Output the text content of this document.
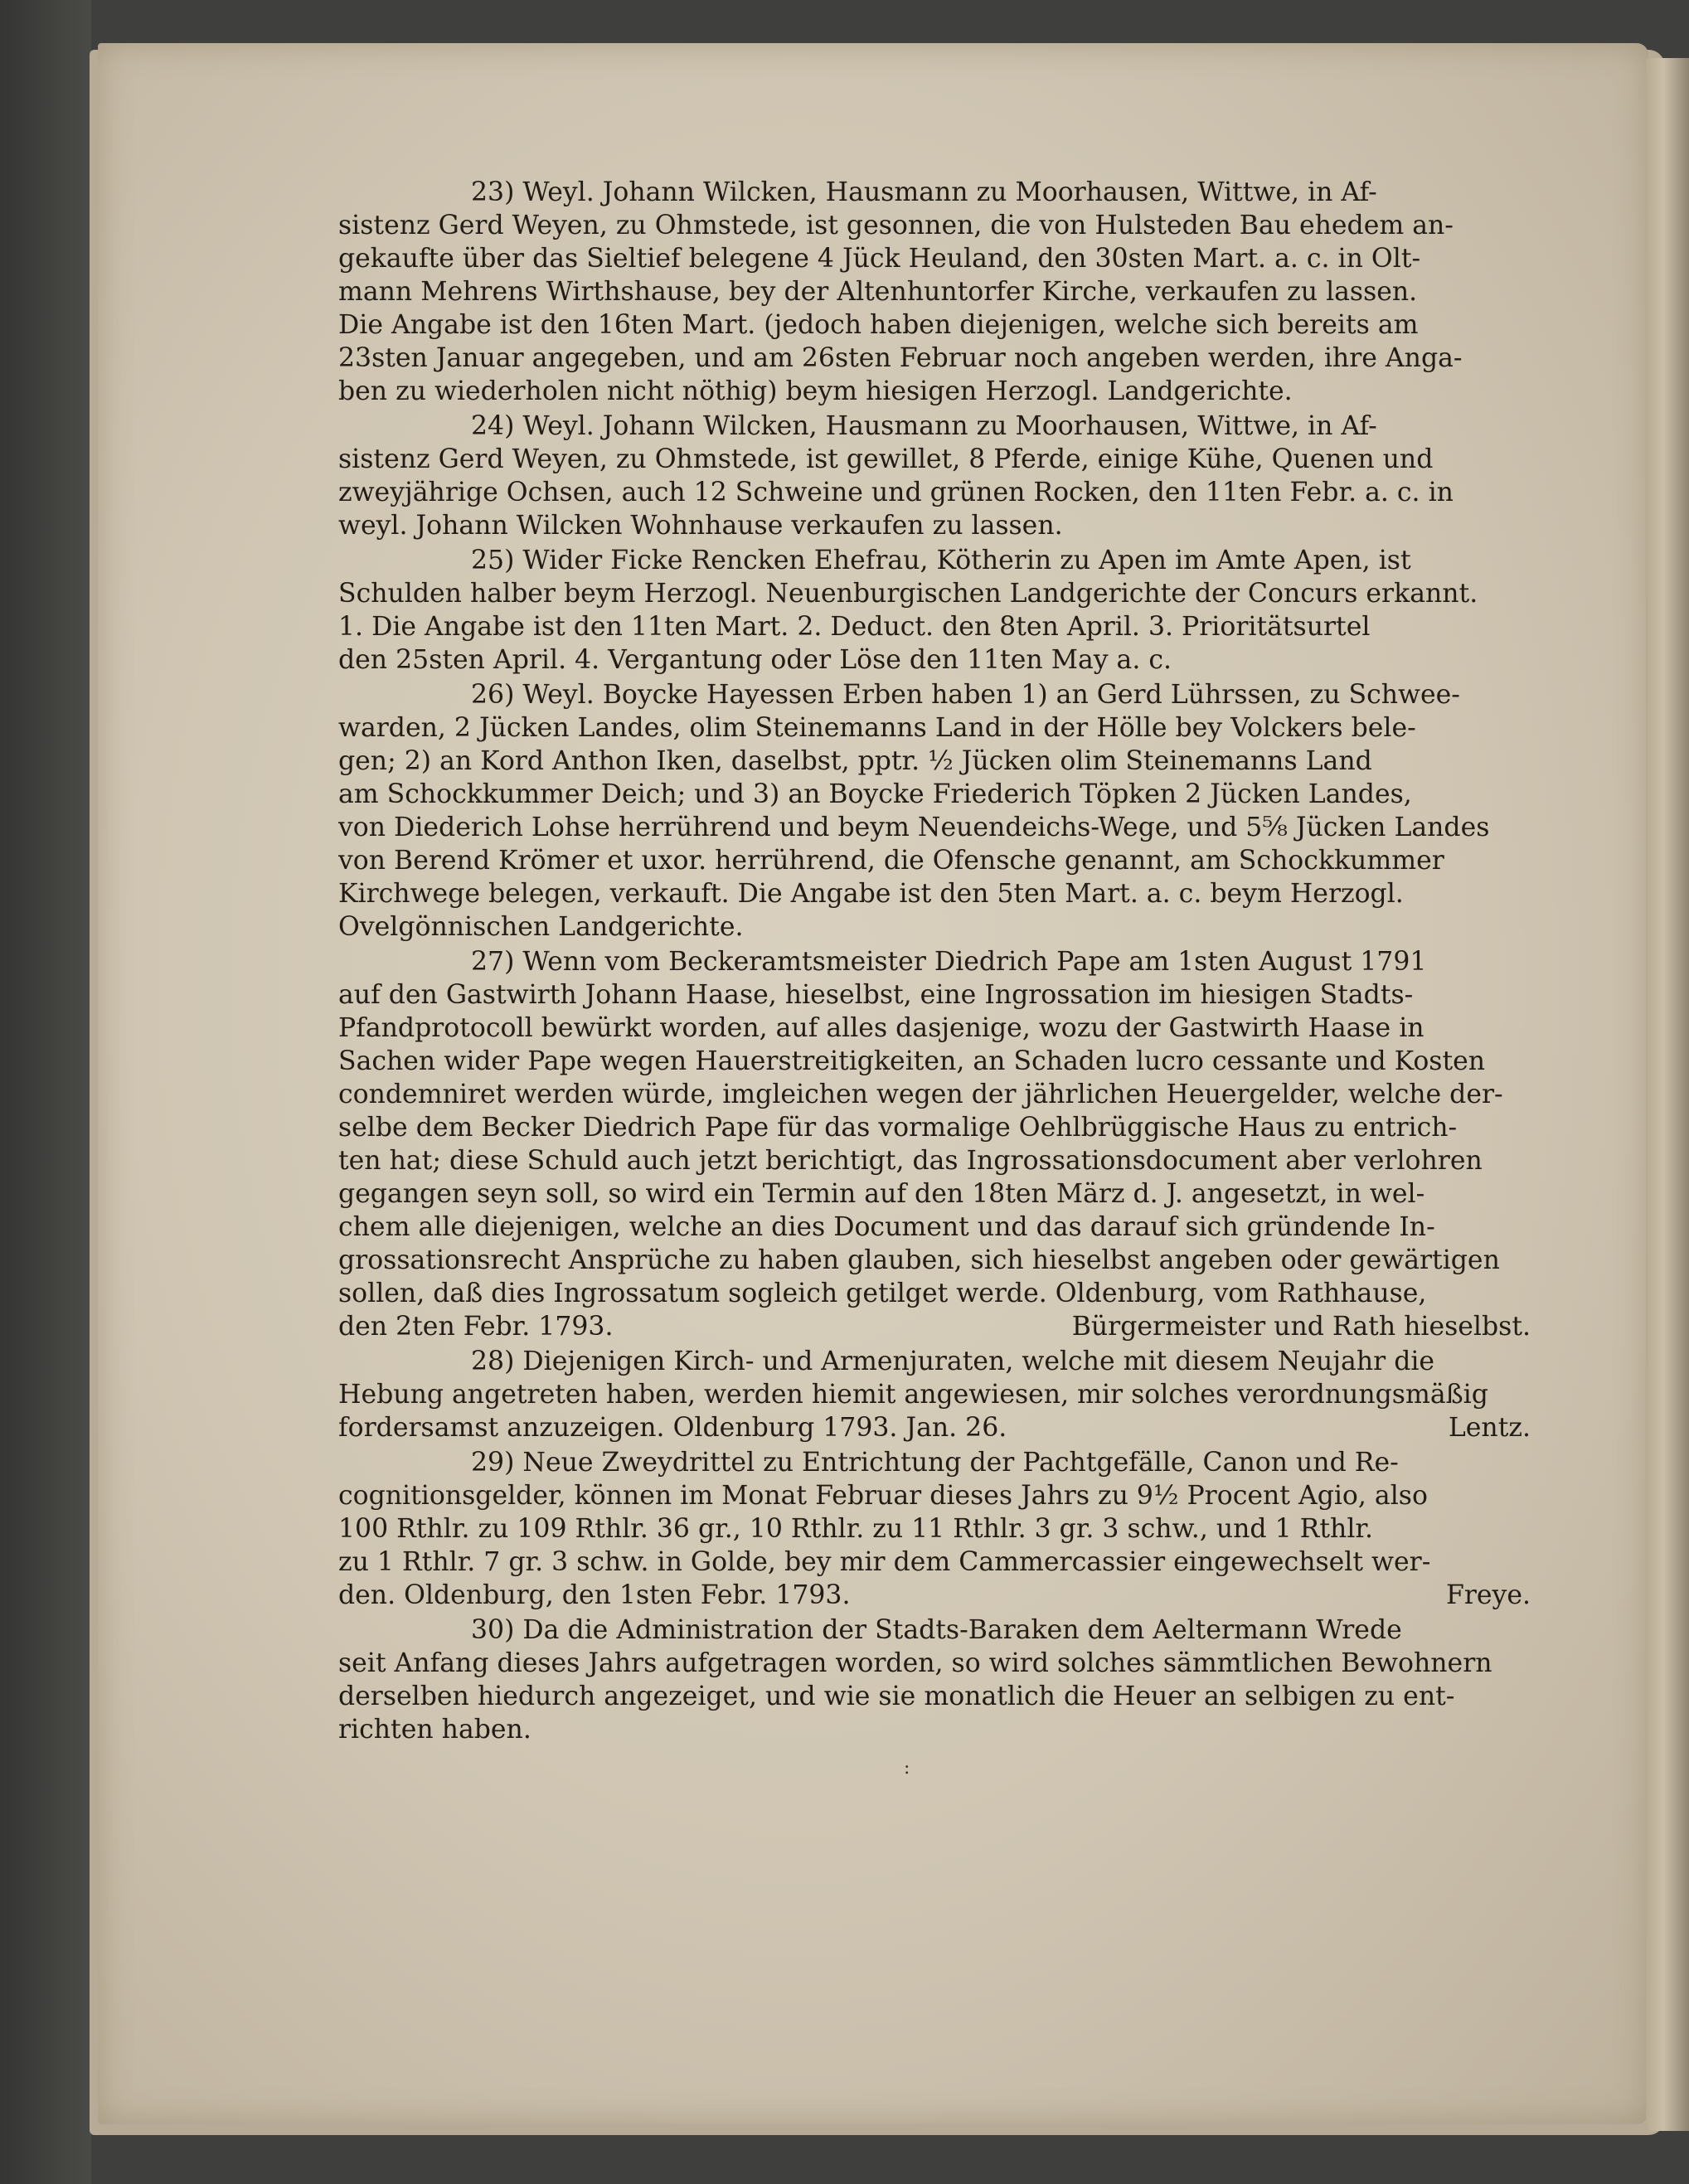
23) Weyl. Johann Wilcken, Hausmann zu Moorhausen, Wittwe, in Af-
sistenz Gerd Weyen, zu Ohmstede, ist gesonnen, die von Hulsteden Bau ehedem an-
gekaufte über das Sieltief belegene 4 Jück Heuland, den 30sten Mart. a. c. in Olt-
mann Mehrens Wirthshause, bey der Altenhuntorfer Kirche, verkaufen zu lassen.
Die Angabe ist den 16ten Mart. (jedoch haben diejenigen, welche sich bereits am
23sten Januar angegeben, und am 26sten Februar noch angeben werden, ihre Anga-
ben zu wiederholen nicht nöthig) beym hiesigen Herzogl. Landgerichte.
24) Weyl. Johann Wilcken, Hausmann zu Moorhausen, Wittwe, in Af-
sistenz Gerd Weyen, zu Ohmstede, ist gewillet, 8 Pferde, einige Kühe, Quenen und
zweyjährige Ochsen, auch 12 Schweine und grünen Rocken, den 11ten Febr. a. c. in
weyl. Johann Wilcken Wohnhause verkaufen zu lassen.
25) Wider Ficke Rencken Ehefrau, Kötherin zu Apen im Amte Apen, ist
Schulden halber beym Herzogl. Neuenburgischen Landgerichte der Concurs erkannt.
1. Die Angabe ist den 11ten Mart. 2. Deduct. den 8ten April. 3. Prioritätsurtel
den 25sten April. 4. Vergantung oder Löse den 11ten May a. c.
26) Weyl. Boycke Hayessen Erben haben 1) an Gerd Lührssen, zu Schwee-
warden, 2 Jücken Landes, olim Steinemanns Land in der Hölle bey Volckers bele-
gen; 2) an Kord Anthon Iken, daselbst, pptr. ½ Jücken olim Steinemanns Land
am Schockkummer Deich; und 3) an Boycke Friederich Töpken 2 Jücken Landes,
von Diederich Lohse herrührend und beym Neuendeichs-Wege, und 5⅝ Jücken Landes
von Berend Krömer et uxor. herrührend, die Ofensche genannt, am Schockkummer
Kirchwege belegen, verkauft. Die Angabe ist den 5ten Mart. a. c. beym Herzogl.
Ovelgönnischen Landgerichte.
27) Wenn vom Beckeramtsmeister Diedrich Pape am 1sten August 1791
auf den Gastwirth Johann Haase, hieselbst, eine Ingrossation im hiesigen Stadts-
Pfandprotocoll bewürkt worden, auf alles dasjenige, wozu der Gastwirth Haase in
Sachen wider Pape wegen Hauerstreitigkeiten, an Schaden lucro cessante und Kosten
condemniret werden würde, imgleichen wegen der jährlichen Heuergelder, welche der-
selbe dem Becker Diedrich Pape für das vormalige Oehlbrüggische Haus zu entrich-
ten hat; diese Schuld auch jetzt berichtigt, das Ingrossationsdocument aber verlohren
gegangen seyn soll, so wird ein Termin auf den 18ten März d. J. angesetzt, in wel-
chem alle diejenigen, welche an dies Document und das darauf sich gründende In-
grossationsrecht Ansprüche zu haben glauben, sich hieselbst angeben oder gewärtigen
sollen, daß dies Ingrossatum sogleich getilget werde. Oldenburg, vom Rathhause,
den 2ten Febr. 1793.	Bürgermeister und Rath hieselbst.
28) Diejenigen Kirch- und Armenjuraten, welche mit diesem Neujahr die
Hebung angetreten haben, werden hiemit angewiesen, mir solches verordnungsmäßig
fordersamst anzuzeigen. Oldenburg 1793. Jan. 26.	Lentz.
29) Neue Zweydrittel zu Entrichtung der Pachtgefälle, Canon und Re-
cognitionsgelder, können im Monat Februar dieses Jahrs zu 9½ Procent Agio, also
100 Rthlr. zu 109 Rthlr. 36 gr., 10 Rthlr. zu 11 Rthlr. 3 gr. 3 schw., und 1 Rthlr.
zu 1 Rthlr. 7 gr. 3 schw. in Golde, bey mir dem Cammercassier eingewechselt wer-
den. Oldenburg, den 1sten Febr. 1793.	Freye.
30) Da die Administration der Stadts-Baraken dem Aeltermann Wrede
seit Anfang dieses Jahrs aufgetragen worden, so wird solches sämmtlichen Bewohnern
derselben hiedurch angezeiget, und wie sie monatlich die Heuer an selbigen zu ent-
richten haben.
:
